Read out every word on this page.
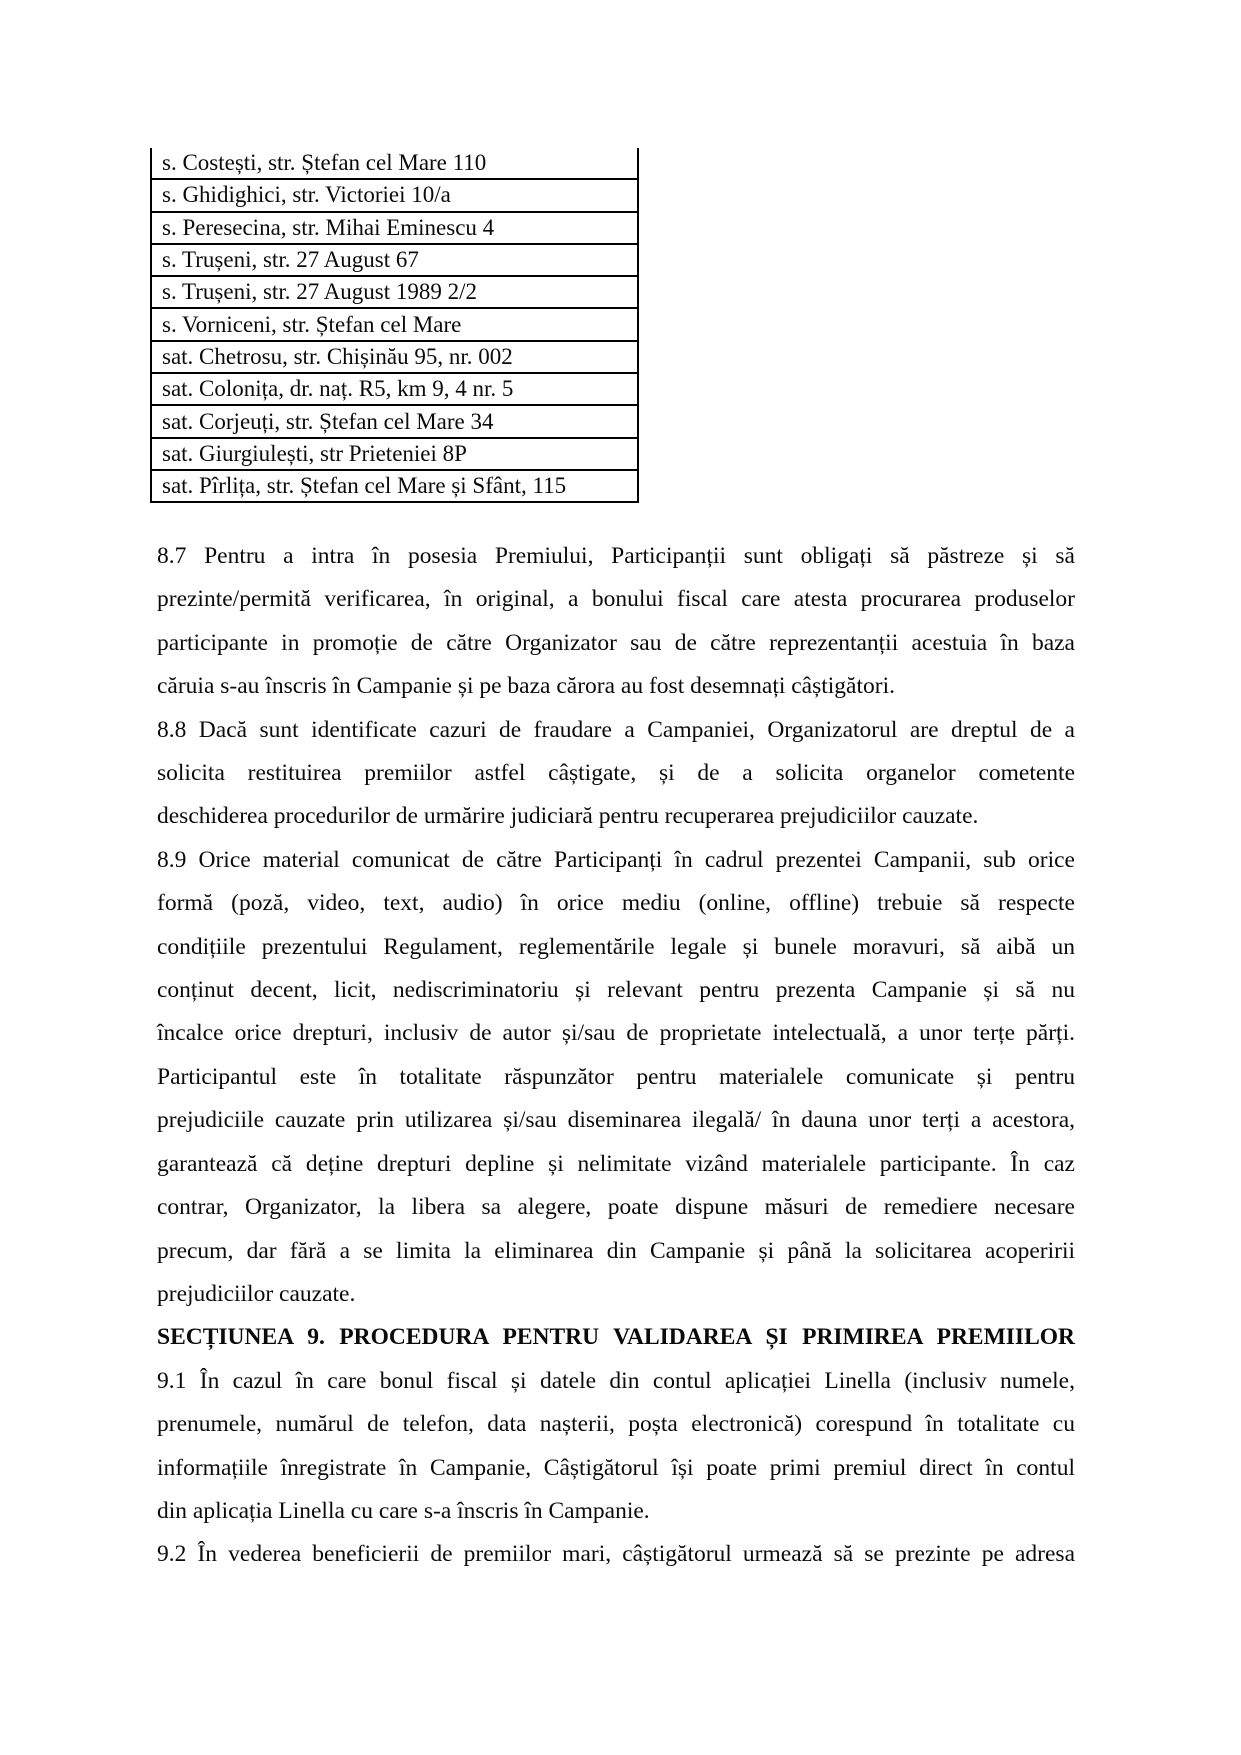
s. Costești, str. Ștefan cel Mare 110
s. Ghidighici, str. Victoriei 10/a
s. Peresecina, str. Mihai Eminescu 4
s. Trușeni, str. 27 August 67
s. Trușeni, str. 27 August 1989 2/2
s. Vorniceni, str. Ștefan cel Mare
sat. Chetrosu, str. Chișinău 95, nr. 002
sat. Colonița, dr. naț. R5, km 9, 4 nr. 5
sat. Corjeuți, str. Ștefan cel Mare 34
sat. Giurgiulești, str Prieteniei 8P
sat. Pîrlița, str. Ștefan cel Mare și Sfânt, 115
8.7 Pentru a intra în posesia Premiului, Participanții sunt obligați să păstreze și să
prezinte/permită verificarea, în original, a bonului fiscal care atesta procurarea produselor
participante in promoție de către Organizator sau de către reprezentanții acestuia în baza
căruia s-au înscris în Campanie și pe baza cărora au fost desemnați câștigători.
8.8 Dacă sunt identificate cazuri de fraudare a Campaniei, Organizatorul are dreptul de a
solicita restituirea premiilor astfel câștigate, și de a solicita organelor cometente
deschiderea procedurilor de urmărire judiciară pentru recuperarea prejudiciilor cauzate.
8.9 Orice material comunicat de către Participanți în cadrul prezentei Campanii, sub orice
formă (poză, video, text, audio) în orice mediu (online, offline) trebuie să respecte
condițiile prezentului Regulament, reglementările legale și bunele moravuri, să aibă un
conținut decent, licit, nediscriminatoriu și relevant pentru prezenta Campanie și să nu
încalce orice drepturi, inclusiv de autor și/sau de proprietate intelectuală, a unor terțe părți.
Participantul este în totalitate răspunzător pentru materialele comunicate și pentru
prejudiciile cauzate prin utilizarea și/sau diseminarea ilegală/ în dauna unor terți a acestora,
garantează că deține drepturi depline și nelimitate vizând materialele participante. În caz
contrar, Organizator, la libera sa alegere, poate dispune măsuri de remediere necesare
precum, dar fără a se limita la eliminarea din Campanie și până la solicitarea acoperirii
prejudiciilor cauzate.
SECȚIUNEA 9. PROCEDURA PENTRU VALIDAREA ȘI PRIMIREA PREMIILOR
9.1 În cazul în care bonul fiscal și datele din contul aplicației Linella (inclusiv numele,
prenumele, numărul de telefon, data nașterii, poșta electronică) corespund în totalitate cu
informațiile înregistrate în Campanie, Câștigătorul își poate primi premiul direct în contul
din aplicația Linella cu care s-a înscris în Campanie.
9.2 În vederea beneficierii de premiilor mari, câștigătorul urmează să se prezinte pe adresa
